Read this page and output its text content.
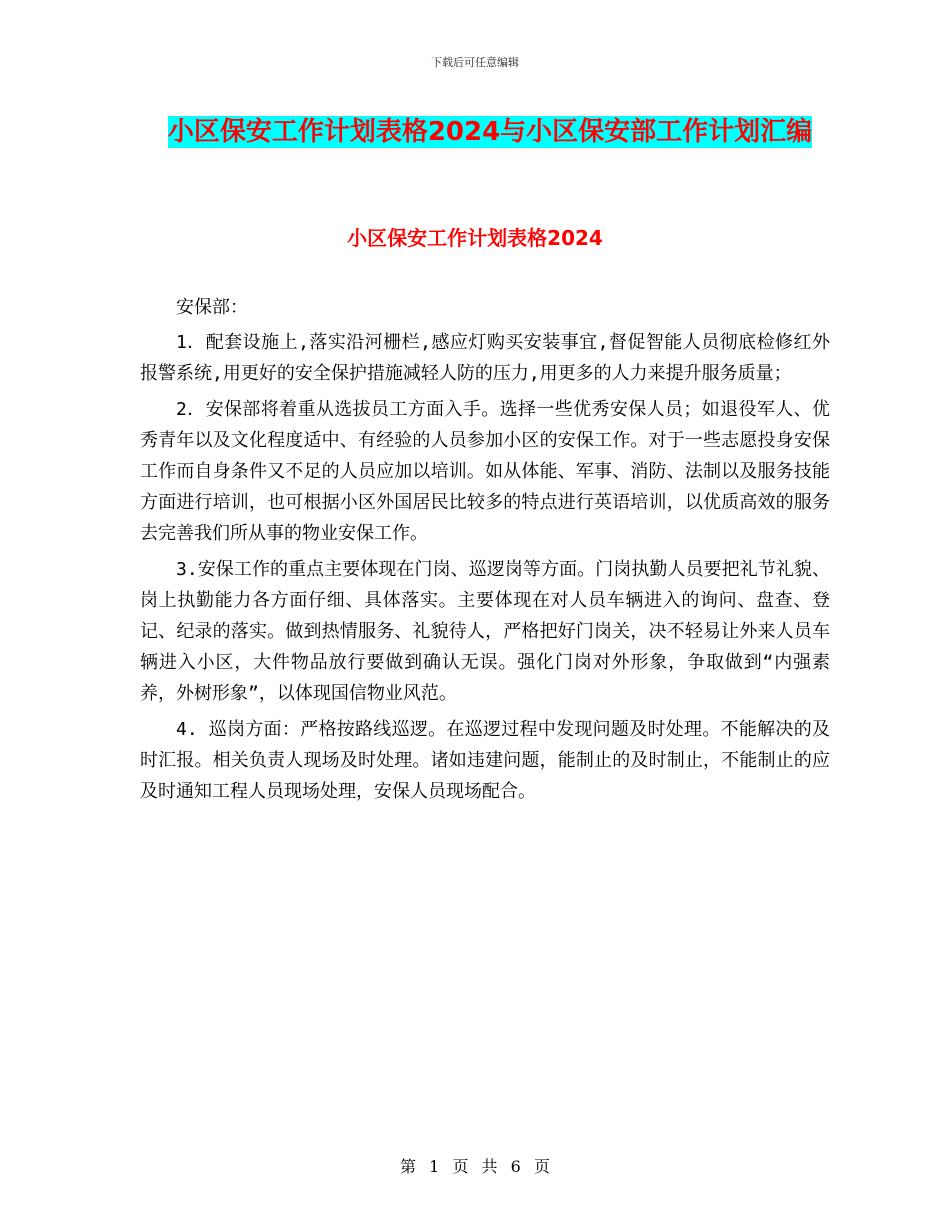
下载后可任意编辑
小区保安工作计划表格2024与小区保安部工作计划汇编
小区保安工作计划表格2024

安保部：

1．配套设施上,落实沿河栅栏,感应灯购买安装事宜,督促智能人员彻底检修红外报警系统,用更好的安全保护措施减轻人防的压力,用更多的人力来提升服务质量；

2．安保部将着重从选拔员工方面入手。选择一些优秀安保人员；如退役军人、优秀青年以及文化程度适中、有经验的人员参加小区的安保工作。对于一些志愿投身安保工作而自身条件又不足的人员应加以培训。如从体能、军事、消防、法制以及服务技能方面进行培训，也可根据小区外国居民比较多的特点进行英语培训，以优质高效的服务去完善我们所从事的物业安保工作。

3.安保工作的重点主要体现在门岗、巡逻岗等方面。门岗执勤人员要把礼节礼貌、岗上执勤能力各方面仔细、具体落实。主要体现在对人员车辆进入的询问、盘查、登记、纪录的落实。做到热情服务、礼貌待人，严格把好门岗关，决不轻易让外来人员车辆进入小区，大件物品放行要做到确认无误。强化门岗对外形象，争取做到“内强素养，外树形象”，以体现国信物业风范。

4. 巡岗方面：严格按路线巡逻。在巡逻过程中发现问题及时处理。不能解决的及时汇报。相关负责人现场及时处理。诸如违建问题，能制止的及时制止，不能制止的应及时通知工程人员现场处理，安保人员现场配合。

第 1 页 共 6 页
